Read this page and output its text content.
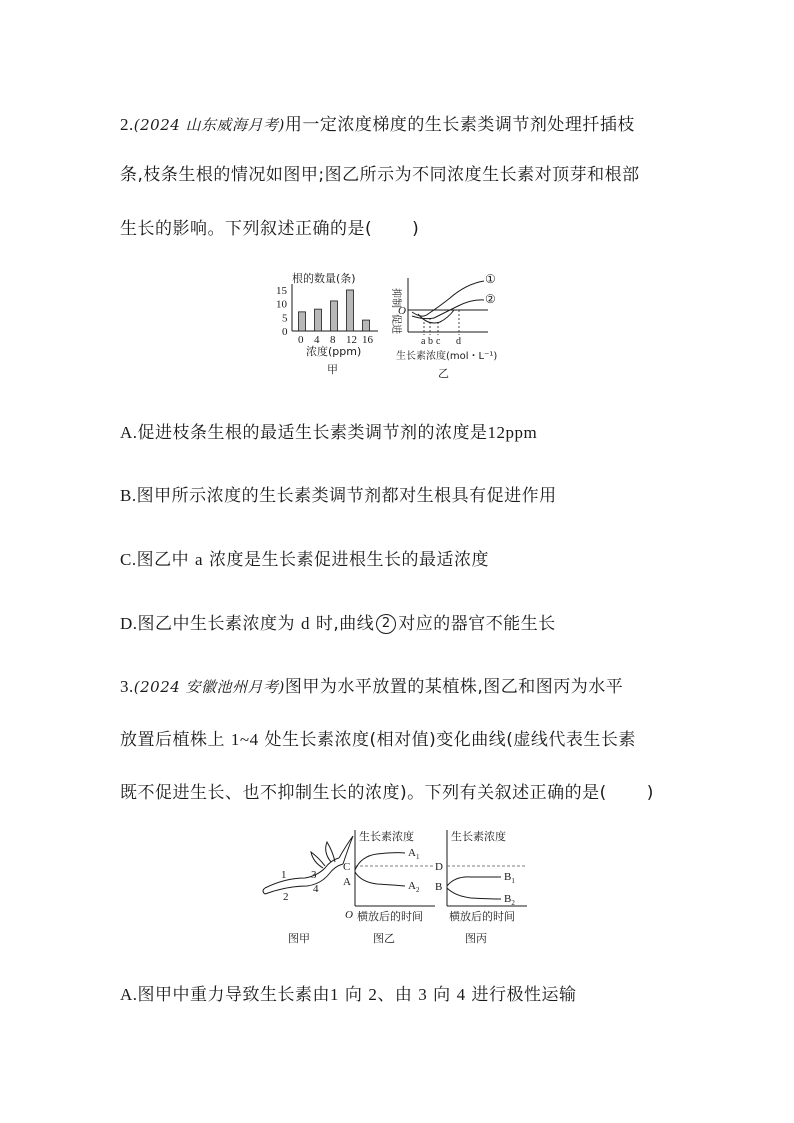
2.(2024 山东威海月考)用一定浓度梯度的生长素类调节剂处理扦插枝
条,枝条生根的情况如图甲;图乙所示为不同浓度生长素对顶芽和根部
生长的影响。下列叙述正确的是( )
根的数量(条)
15
10
5
0
0 4 8 12 16
浓度(ppm)
甲
抑制
促进
O
①
②
a b c d
生长素浓度(mol・L⁻¹)
乙
A.促进枝条生根的最适生长素类调节剂的浓度是12ppm
B.图甲所示浓度的生长素类调节剂都对生根具有促进作用
C.图乙中 a 浓度是生长素促进根生长的最适浓度
D.图乙中生长素浓度为 d 时,曲线 2 对应的器官不能生长
3.(2024 安徽池州月考)图甲为水平放置的某植株,图乙和图丙为水平
放置后植株上 1~4 处生长素浓度(相对值)变化曲线(虚线代表生长素
既不促进生长、也不抑制生长的浓度)。下列有关叙述正确的是( )
1
2
3
4
图甲
生长素浓度
C
A
$A_1$
$A_2$
O 横放后的时间
图乙
生长素浓度
D
B
$B_1$
$B_2$
横放后的时间
图丙
A.图甲中重力导致生长素由1 向 2、由 3 向 4 进行极性运输
